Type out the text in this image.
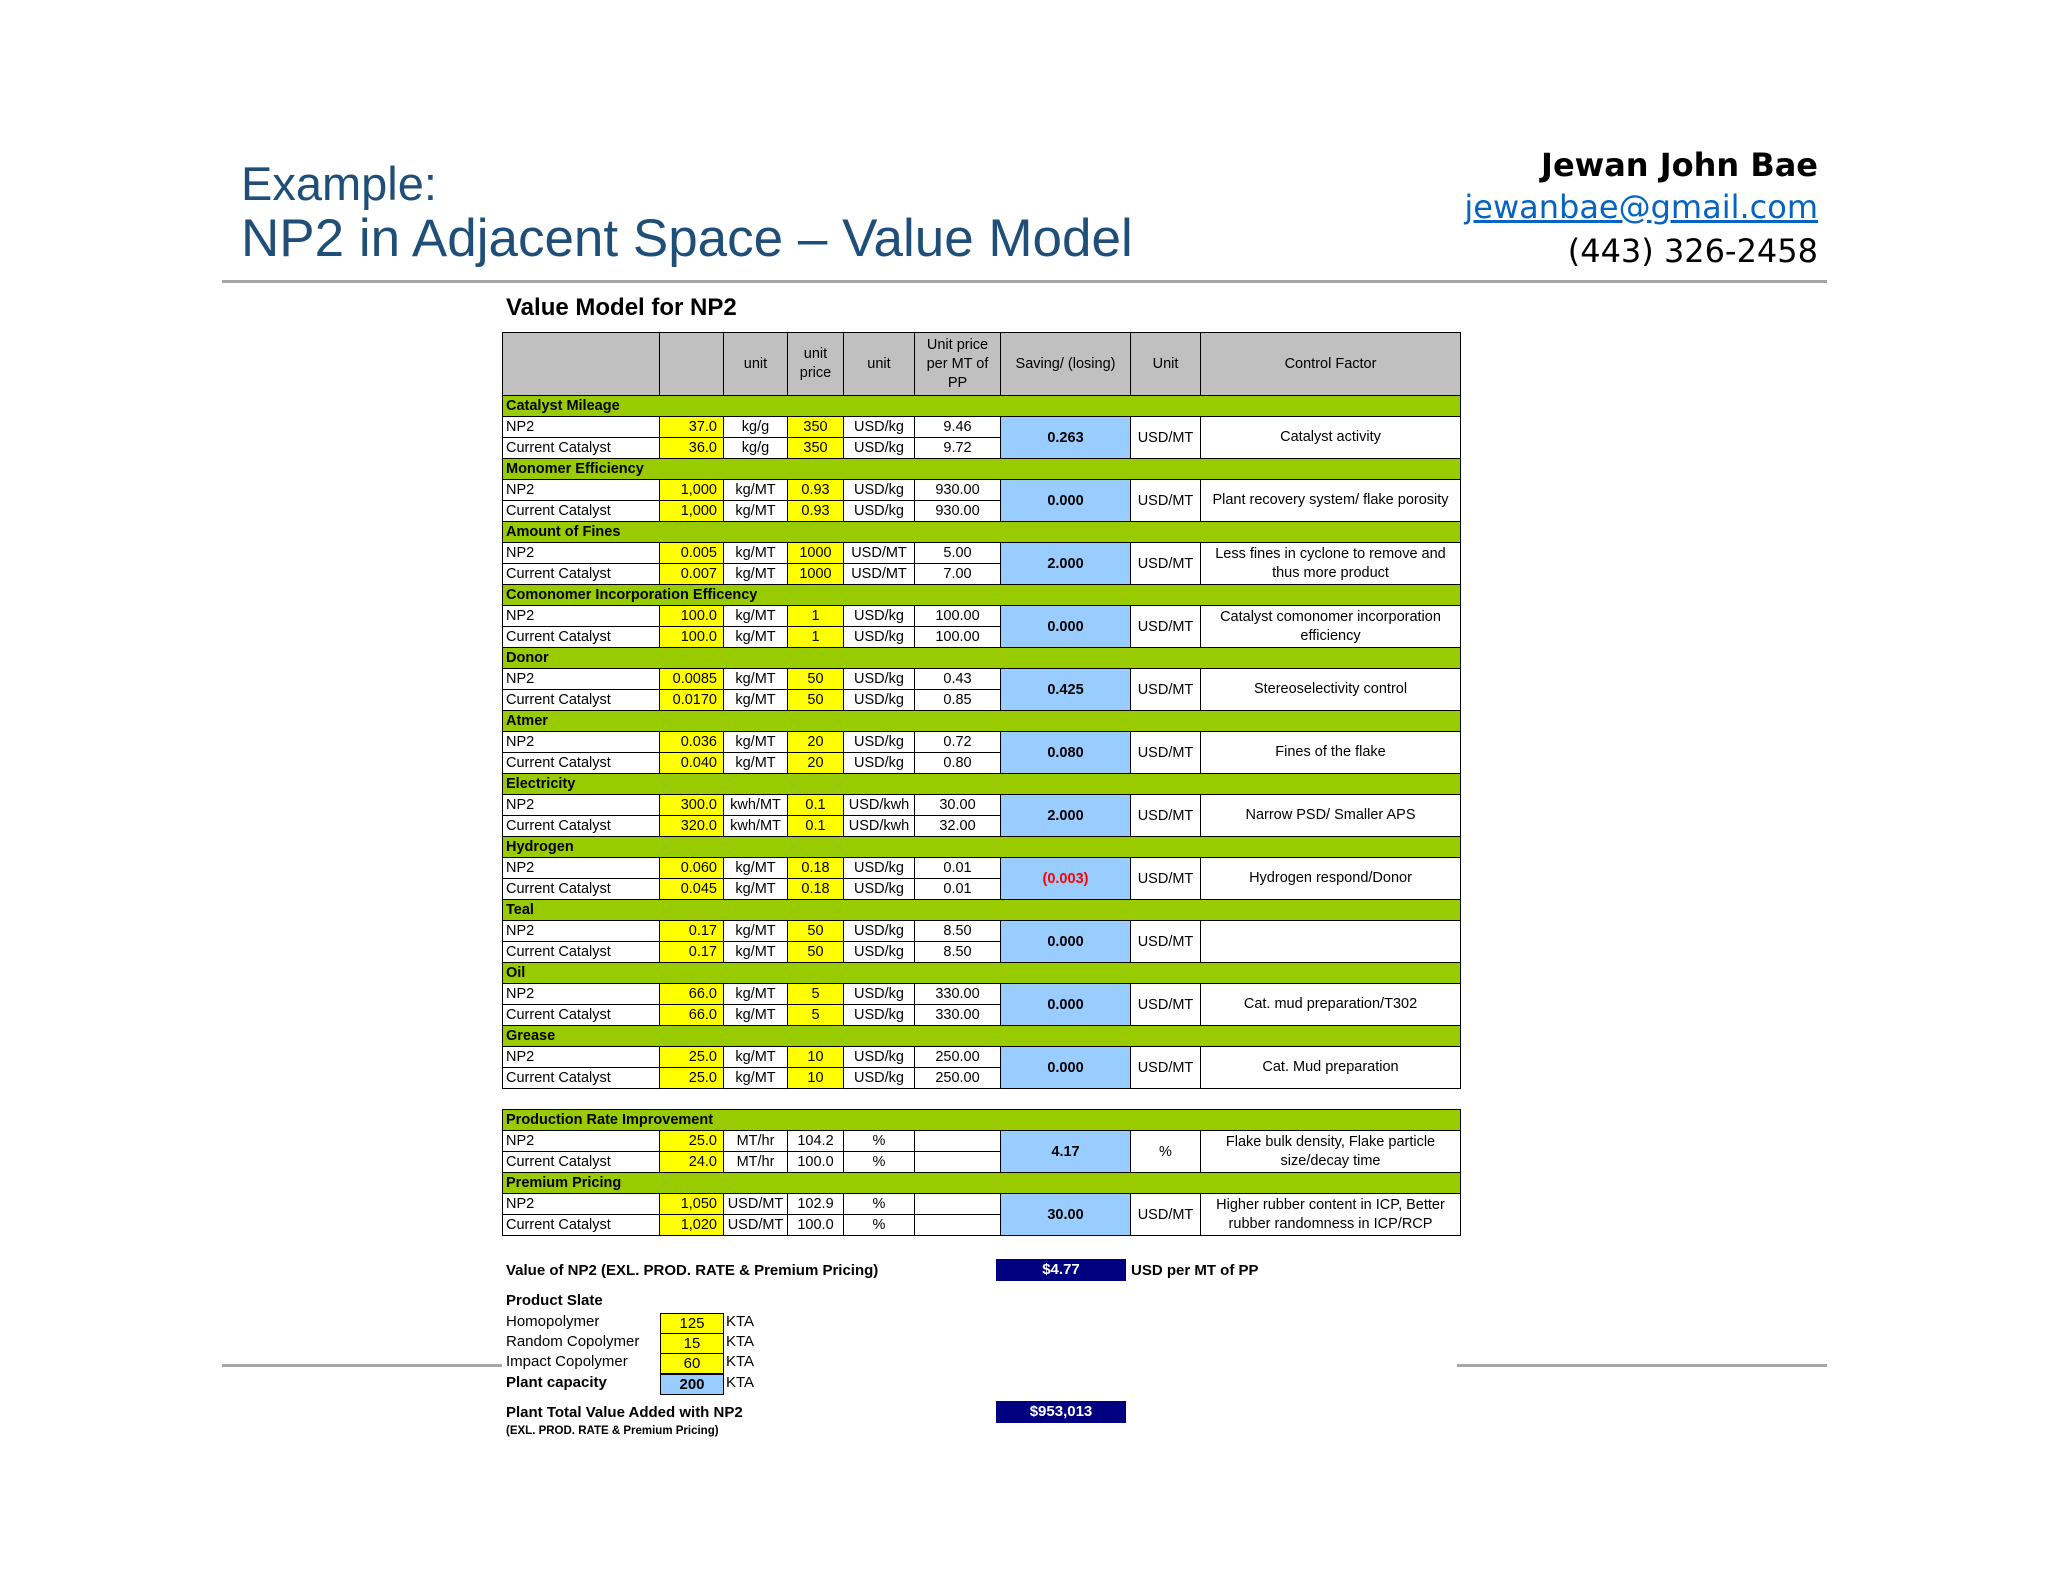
Example:
NP2 in Adjacent Space – Value Model
Jewan John Bae
jewanbae@gmail.com
(443) 326-2458
Value Model for NP2
		unit	unit price	unit	Unit price per MT of PP	Saving/ (losing)	Unit	Control Factor
Catalyst Mileage								
NP2	37.0	kg/g	350	USD/kg	9.46	0.263	USD/MT	Catalyst activity
Current Catalyst	36.0	kg/g	350	USD/kg	9.72			
Monomer Efficiency								
NP2	1,000	kg/MT	0.93	USD/kg	930.00	0.000	USD/MT	Plant recovery system/ flake porosity
Current Catalyst	1,000	kg/MT	0.93	USD/kg	930.00			
Amount of Fines								
NP2	0.005	kg/MT	1000	USD/MT	5.00	2.000	USD/MT	Less fines in cyclone to remove and thus more product
Current Catalyst	0.007	kg/MT	1000	USD/MT	7.00			
Comonomer Incorporation Efficency								
NP2	100.0	kg/MT	1	USD/kg	100.00	0.000	USD/MT	Catalyst comonomer incorporation efficiency
Current Catalyst	100.0	kg/MT	1	USD/kg	100.00			
Donor								
NP2	0.0085	kg/MT	50	USD/kg	0.43	0.425	USD/MT	Stereoselectivity control
Current Catalyst	0.0170	kg/MT	50	USD/kg	0.85			
Atmer								
NP2	0.036	kg/MT	20	USD/kg	0.72	0.080	USD/MT	Fines of the flake
Current Catalyst	0.040	kg/MT	20	USD/kg	0.80			
Electricity								
NP2	300.0	kwh/MT	0.1	USD/kwh	30.00	2.000	USD/MT	Narrow PSD/ Smaller APS
Current Catalyst	320.0	kwh/MT	0.1	USD/kwh	32.00			
Hydrogen								
NP2	0.060	kg/MT	0.18	USD/kg	0.01	(0.003)	USD/MT	Hydrogen respond/Donor
Current Catalyst	0.045	kg/MT	0.18	USD/kg	0.01			
Teal								
NP2	0.17	kg/MT	50	USD/kg	8.50	0.000	USD/MT	
Current Catalyst	0.17	kg/MT	50	USD/kg	8.50			
Oil								
NP2	66.0	kg/MT	5	USD/kg	330.00	0.000	USD/MT	Cat. mud preparation/T302
Current Catalyst	66.0	kg/MT	5	USD/kg	330.00			
Grease								
NP2	25.0	kg/MT	10	USD/kg	250.00	0.000	USD/MT	Cat. Mud preparation
Current Catalyst	25.0	kg/MT	10	USD/kg	250.00			

Production Rate Improvement								
NP2	25.0	MT/hr	104.2	%		4.17	%	Flake bulk density, Flake particle size/decay time
Current Catalyst	24.0	MT/hr	100.0	%				
Premium Pricing								
NP2	1,050	USD/MT	102.9	%		30.00	USD/MT	Higher rubber content in ICP, Better rubber randomness in ICP/RCP
Current Catalyst	1,020	USD/MT	100.0	%				
Value of NP2 (EXL. PROD. RATE & Premium Pricing)	$4.77	USD per MT of PP
Product Slate
Homopolymer	125	KTA
Random Copolymer	15	KTA
Impact Copolymer	60	KTA
Plant capacity	200	KTA
Plant Total Value Added with NP2
(EXL. PROD. RATE & Premium Pricing)
$953,013
